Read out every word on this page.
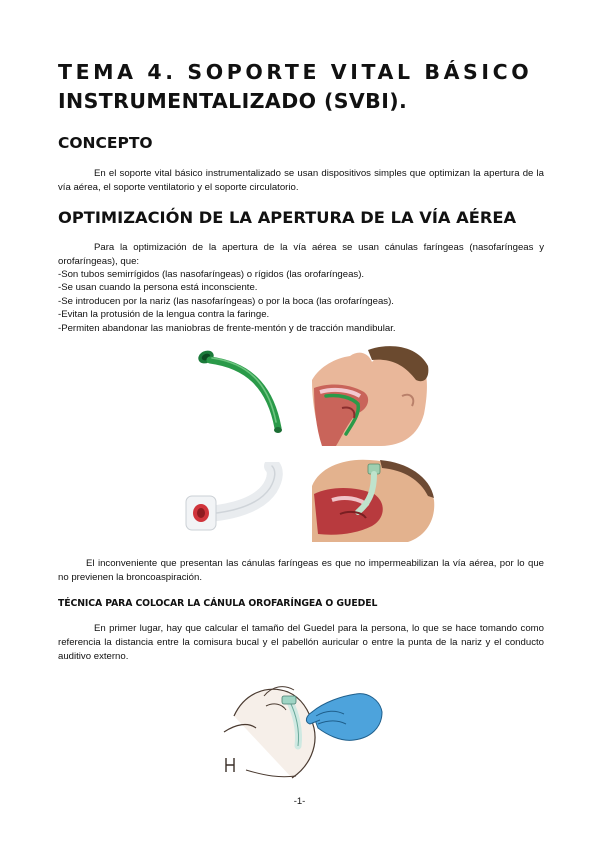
TEMA 4. SOPORTE VITAL BÁSICO
INSTRUMENTALIZADO (SVBI).
CONCEPTO

En el soporte vital básico instrumentalizado se usan dispositivos simples que optimizan la apertura de la vía aérea, el soporte ventilatorio y el soporte circulatorio.

OPTIMIZACIÓN DE LA APERTURA DE LA VÍA AÉREA

Para la optimización de la apertura de la vía aérea se usan cánulas faríngeas (nasofaríngeas y orofaríngeas), que:

-Son tubos semirrígidos (las nasofaríngeas) o rígidos (las orofaríngeas).
-Se usan cuando la persona está inconsciente.
-Se introducen por la nariz (las nasofaríngeas) o por la boca (las orofaríngeas).
-Evitan la protusión de la lengua contra la faringe.
-Permiten abandonar las maniobras de frente-mentón y de tracción mandibular.

El inconveniente que presentan las cánulas faríngeas es que no impermeabilizan la vía aérea, por lo que no previenen la broncoaspiración.

TÉCNICA PARA COLOCAR LA CÁNULA OROFARÍNGEA O GUEDEL

En primer lugar, hay que calcular el tamaño del Guedel para la persona, lo que se hace tomando como referencia la distancia entre la comisura bucal y el pabellón auricular o entre la punta de la nariz y el conducto auditivo externo.

-1-
